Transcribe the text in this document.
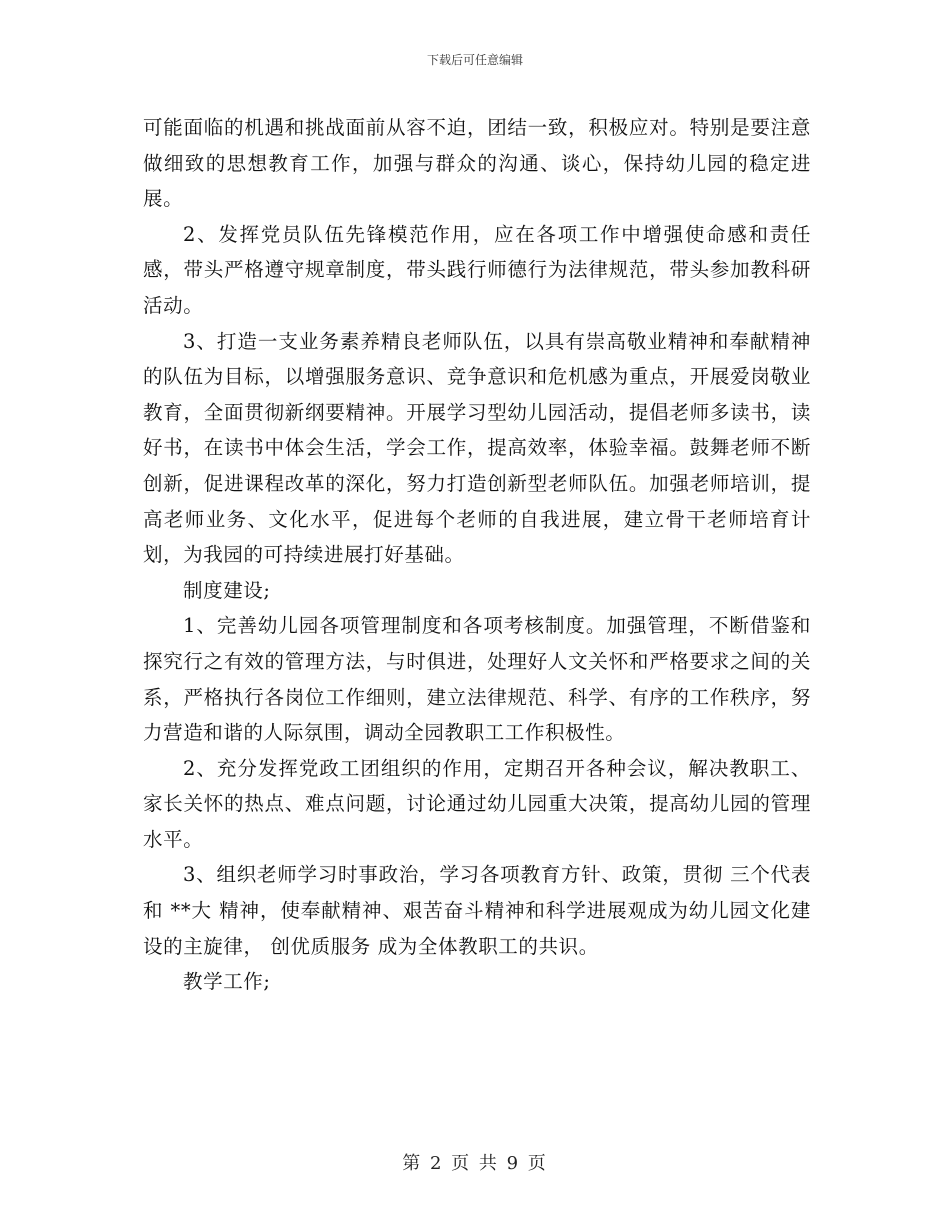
下载后可任意编辑

可能面临的机遇和挑战面前从容不迫，团结一致，积极应对。特别是要注意做细致的思想教育工作，加强与群众的沟通、谈心，保持幼儿园的稳定进展。

2、发挥党员队伍先锋模范作用，应在各项工作中增强使命感和责任感，带头严格遵守规章制度，带头践行师德行为法律规范，带头参加教科研活动。

3、打造一支业务素养精良老师队伍，以具有崇高敬业精神和奉献精神的队伍为目标，以增强服务意识、竞争意识和危机感为重点，开展爱岗敬业教育，全面贯彻新纲要精神。开展学习型幼儿园活动，提倡老师多读书，读好书，在读书中体会生活，学会工作，提高效率，体验幸福。鼓舞老师不断创新，促进课程改革的深化，努力打造创新型老师队伍。加强老师培训，提高老师业务、文化水平，促进每个老师的自我进展，建立骨干老师培育计划，为我园的可持续进展打好基础。

制度建设;

1、完善幼儿园各项管理制度和各项考核制度。加强管理，不断借鉴和探究行之有效的管理方法，与时俱进，处理好人文关怀和严格要求之间的关系，严格执行各岗位工作细则，建立法律规范、科学、有序的工作秩序，努力营造和谐的人际氛围，调动全园教职工工作积极性。

2、充分发挥党政工团组织的作用，定期召开各种会议，解决教职工、家长关怀的热点、难点问题，讨论通过幼儿园重大决策，提高幼儿园的管理水平。

3、组织老师学习时事政治，学习各项教育方针、政策，贯彻 三个代表 和 **大 精神，使奉献精神、艰苦奋斗精神和科学进展观成为幼儿园文化建设的主旋律， 创优质服务 成为全体教职工的共识。

教学工作;

第 2 页 共 9 页
